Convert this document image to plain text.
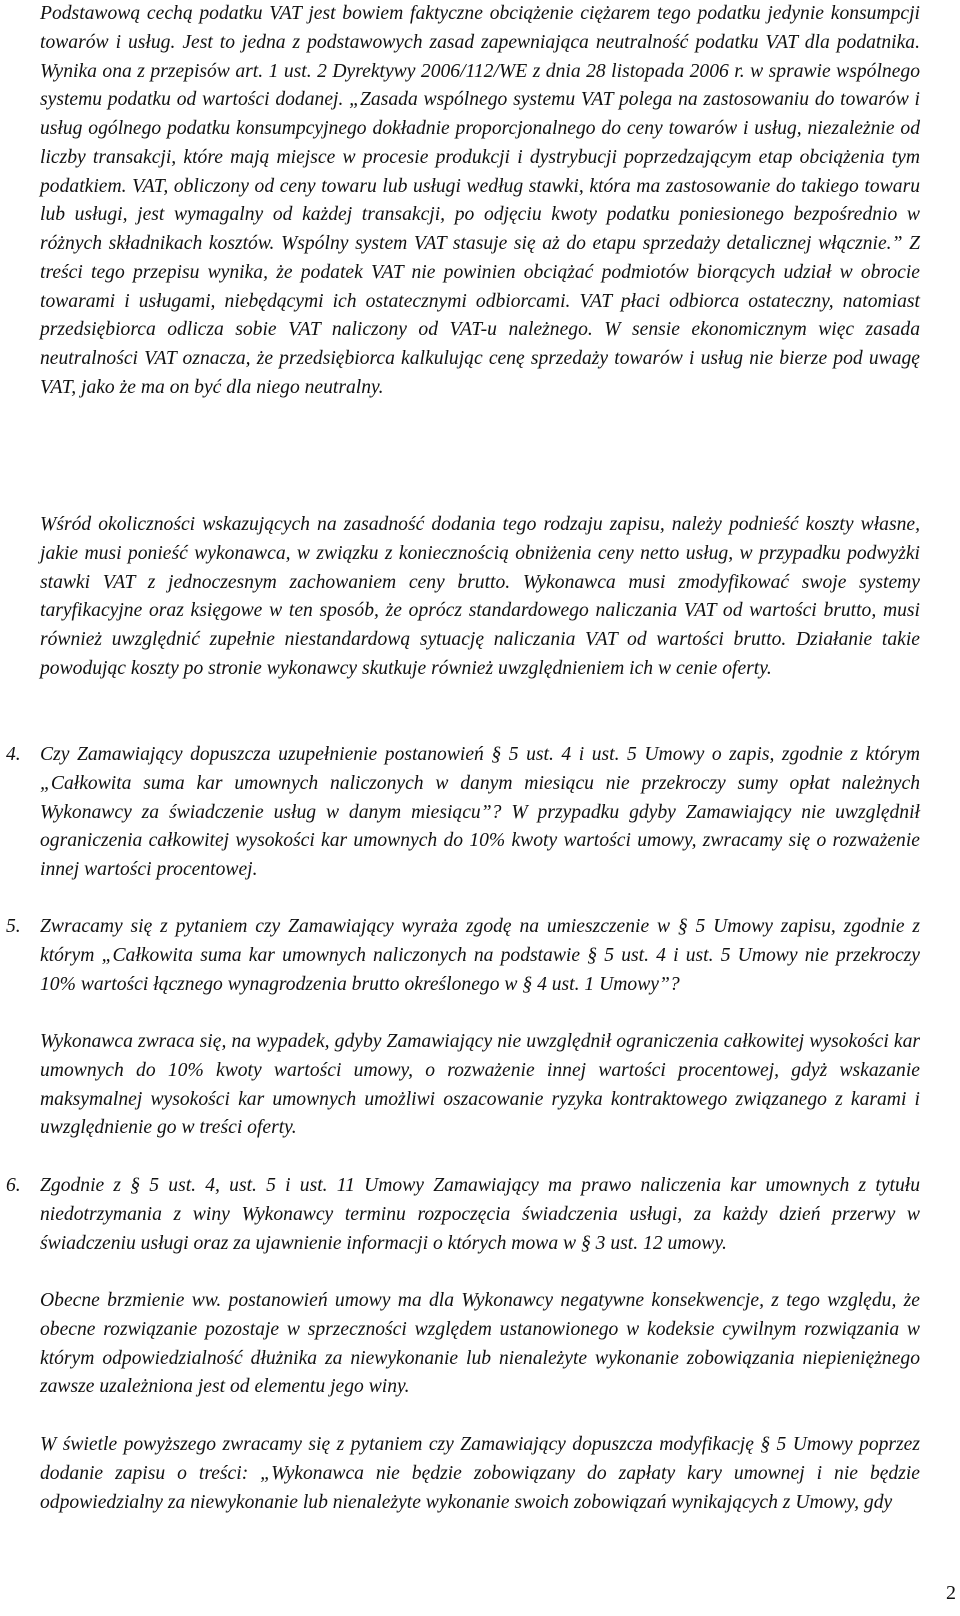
Podstawową cechą podatku VAT jest bowiem faktyczne obciążenie ciężarem tego podatku jedynie konsumpcji towarów i usług. Jest to jedna z podstawowych zasad zapewniająca neutralność podatku VAT dla podatnika. Wynika ona z przepisów art. 1 ust. 2 Dyrektywy 2006/112/WE z dnia 28 listopada 2006 r. w sprawie wspólnego systemu podatku od wartości dodanej. „Zasada wspólnego systemu VAT polega na zastosowaniu do towarów i usług ogólnego podatku konsumpcyjnego dokładnie proporcjonalnego do ceny towarów i usług, niezależnie od liczby transakcji, które mają miejsce w procesie produkcji i dystrybucji poprzedzającym etap obciążenia tym podatkiem. VAT, obliczony od ceny towaru lub usługi według stawki, która ma zastosowanie do takiego towaru lub usługi, jest wymagalny od każdej transakcji, po odjęciu kwoty podatku poniesionego bezpośrednio w różnych składnikach kosztów. Wspólny system VAT stasuje się aż do etapu sprzedaży detalicznej włącznie.” Z treści tego przepisu wynika, że podatek VAT nie powinien obciążać podmiotów biorących udział w obrocie towarami i usługami, niebędącymi ich ostatecznymi odbiorcami. VAT płaci odbiorca ostateczny, natomiast przedsiębiorca odlicza sobie VAT naliczony od VAT-u należnego. W sensie ekonomicznym więc zasada neutralności VAT oznacza, że przedsiębiorca kalkulując cenę sprzedaży towarów i usług nie bierze pod uwagę VAT, jako że ma on być dla niego neutralny.

Wśród okoliczności wskazujących na zasadność dodania tego rodzaju zapisu, należy podnieść koszty własne, jakie musi ponieść wykonawca, w związku z koniecznością obniżenia ceny netto usług, w przypadku podwyżki stawki VAT z jednoczesnym zachowaniem ceny brutto. Wykonawca musi zmodyfikować swoje systemy taryfikacyjne oraz księgowe w ten sposób, że oprócz standardowego naliczania VAT od wartości brutto, musi również uwzględnić zupełnie niestandardową sytuację naliczania VAT od wartości brutto. Działanie takie powodując koszty po stronie wykonawcy skutkuje również uwzględnieniem ich w cenie oferty.

4. Czy Zamawiający dopuszcza uzupełnienie postanowień § 5 ust. 4 i ust. 5 Umowy o zapis, zgodnie z którym „Całkowita suma kar umownych naliczonych w danym miesiącu nie przekroczy sumy opłat należnych Wykonawcy za świadczenie usług w danym miesiącu”? W przypadku gdyby Zamawiający nie uwzględnił ograniczenia całkowitej wysokości kar umownych do 10% kwoty wartości umowy, zwracamy się o rozważenie innej wartości procentowej.

5. Zwracamy się z pytaniem czy Zamawiający wyraża zgodę na umieszczenie w § 5 Umowy zapisu, zgodnie z którym „Całkowita suma kar umownych naliczonych na podstawie § 5 ust. 4 i ust. 5 Umowy nie przekroczy 10% wartości łącznego wynagrodzenia brutto określonego w § 4 ust. 1 Umowy”?

Wykonawca zwraca się, na wypadek, gdyby Zamawiający nie uwzględnił ograniczenia całkowitej wysokości kar umownych do 10% kwoty wartości umowy, o rozważenie innej wartości procentowej, gdyż wskazanie maksymalnej wysokości kar umownych umożliwi oszacowanie ryzyka kontraktowego związanego z karami i uwzględnienie go w treści oferty.

6. Zgodnie z § 5 ust. 4, ust. 5 i ust. 11 Umowy Zamawiający ma prawo naliczenia kar umownych z tytułu niedotrzymania z winy Wykonawcy terminu rozpoczęcia świadczenia usługi, za każdy dzień przerwy w świadczeniu usługi oraz za ujawnienie informacji o których mowa w § 3 ust. 12 umowy.

Obecne brzmienie ww. postanowień umowy ma dla Wykonawcy negatywne konsekwencje, z tego względu, że obecne rozwiązanie pozostaje w sprzeczności względem ustanowionego w kodeksie cywilnym rozwiązania w którym odpowiedzialność dłużnika za niewykonanie lub nienależyte wykonanie zobowiązania niepieniężnego zawsze uzależniona jest od elementu jego winy.

W świetle powyższego zwracamy się z pytaniem czy Zamawiający dopuszcza modyfikację § 5 Umowy poprzez dodanie zapisu o treści: „Wykonawca nie będzie zobowiązany do zapłaty kary umownej i nie będzie odpowiedzialny za niewykonanie lub nienależyte wykonanie swoich zobowiązań wynikających z Umowy, gdy

2
